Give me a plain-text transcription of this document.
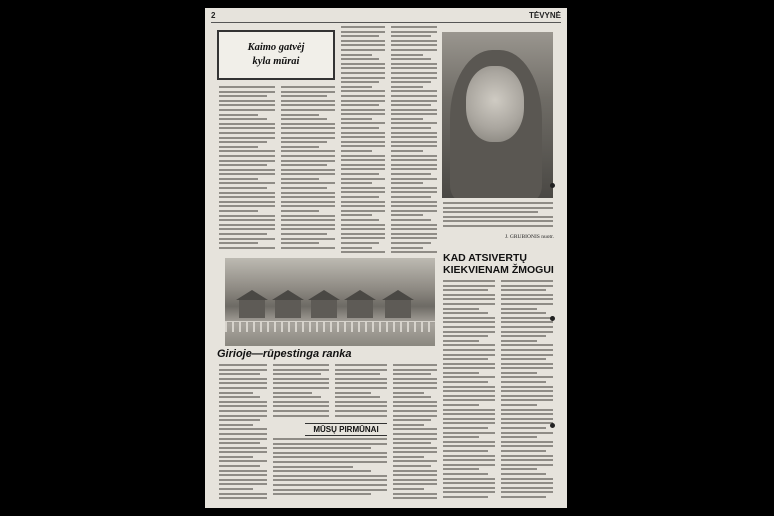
2	TĖVYNĖ
Kaimo gatvėj
kyla mūrai
J. GRUBIONIS nuotr.
KAD ATSIVERTŲ
KIEKVIENAM ŽMOGUI
Girioje—rūpestinga ranka
MŪSŲ PIRMŪNAI
